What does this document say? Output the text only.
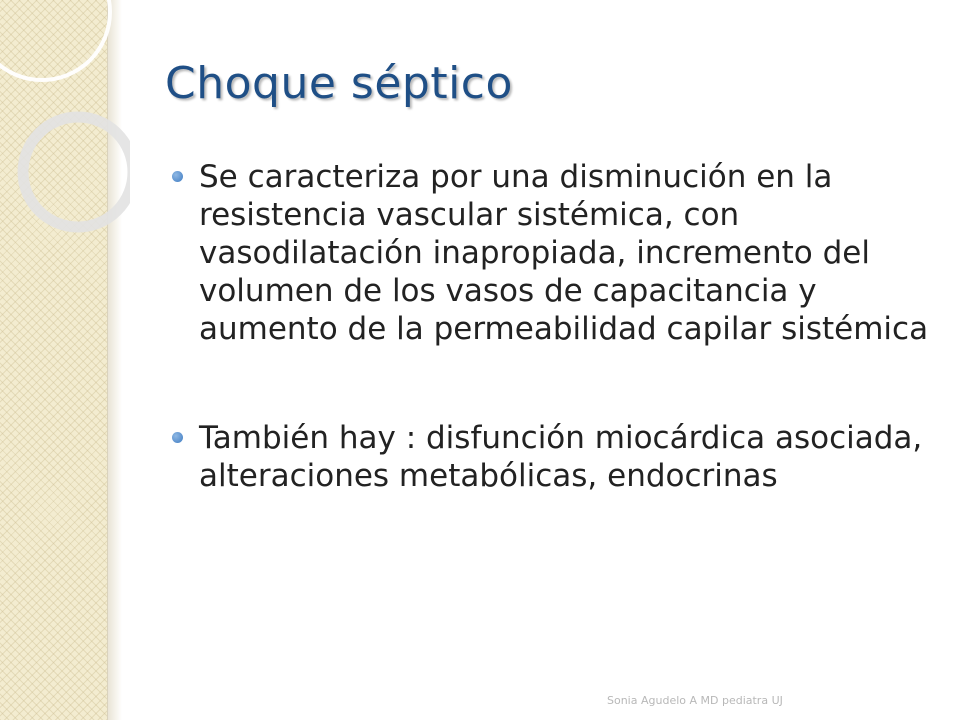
Choque séptico
Se caracteriza por una disminución en la resistencia vascular sistémica, con vasodilatación inapropiada, incremento del volumen de los vasos de capacitancia y aumento de la permeabilidad capilar sistémica
También hay : disfunción miocárdica asociada, alteraciones metabólicas, endocrinas
Sonia Agudelo A MD pediatra UJ
